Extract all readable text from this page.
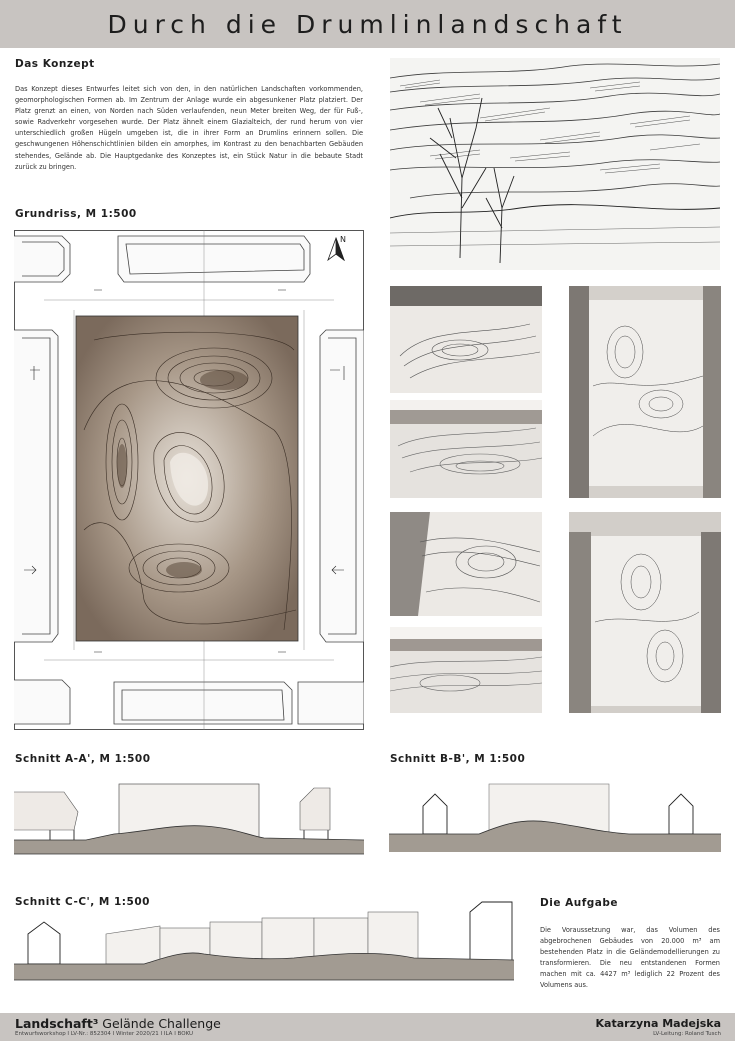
Durch die Drumlinlandschaft
Das Konzept
Das Konzept dieses Entwurfes leitet sich von den, in den natürlichen Landschaften vorkommenden, geomorphologischen Formen ab. Im Zentrum der Anlage wurde ein abgesunkener Platz platziert. Der Platz grenzt an einen, von Norden nach Süden verlaufenden, neun Meter breiten Weg, der für Fuß-, sowie Radverkehr vorgesehen wurde. Der Platz ähnelt einem Glazialteich, der rund herum von vier unterschiedlich großen Hügeln umgeben ist, die in ihrer Form an Drumlins erinnern sollen. Die geschwungenen Höhenschichtlinien bilden ein amorphes, im Kontrast zu den benachbarten Gebäuden stehendes, Gelände ab. Die Hauptgedanke des Konzeptes ist, ein Stück Natur in die bebaute Stadt zurück zu bringen.
Grundriss, M 1:500
N
Schnitt A-A', M 1:500	Schnitt B-B', M 1:500
Schnitt C-C', M 1:500	Die Aufgabe
Die Voraussetzung war, das Volumen des abgebrochenen Gebäudes von 20.000 m³ am bestehenden Platz in die Geländemodellierungen zu transformieren. Die neu entstandenen Formen machen mit ca. 4427 m³ lediglich 22 Prozent des Volumens aus.
Landschaft³ Gelände Challenge
Entwurfsworkshop I LV-Nr.: 852304 I Winter 2020/21 I ILA I BOKU
Katarzyna Madejska
LV-Leitung: Roland Tusch
